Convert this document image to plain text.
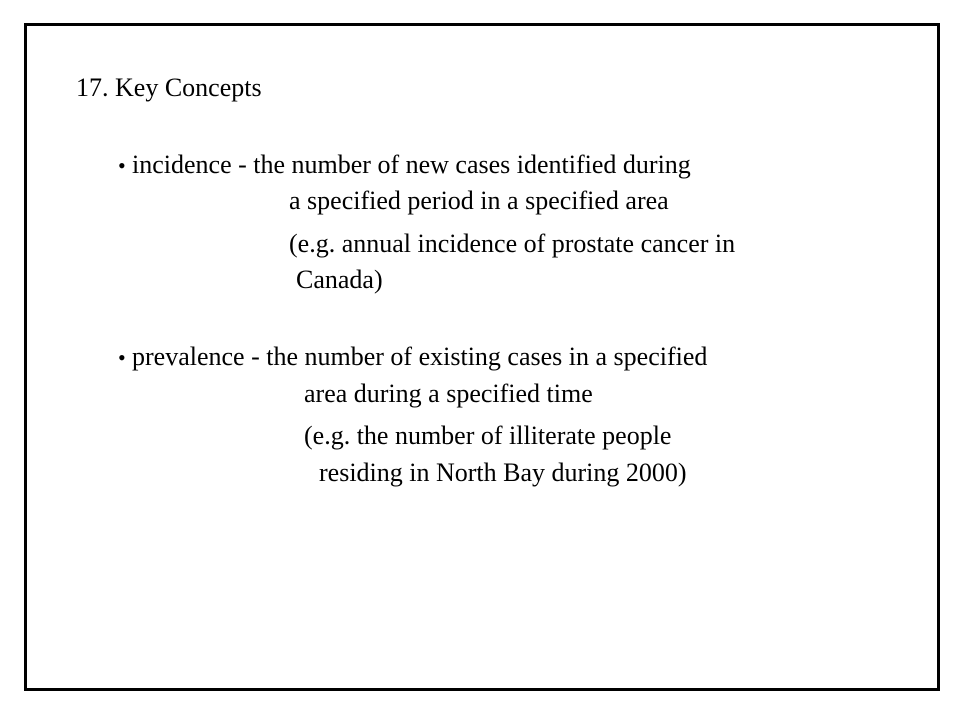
17. Key Concepts
• incidence - the number of new cases identified during
a specified period in a specified area
(e.g. annual incidence of prostate cancer in
Canada)
• prevalence - the number of existing cases in a specified
area during a specified time
(e.g. the number of illiterate people
residing in North Bay during 2000)
